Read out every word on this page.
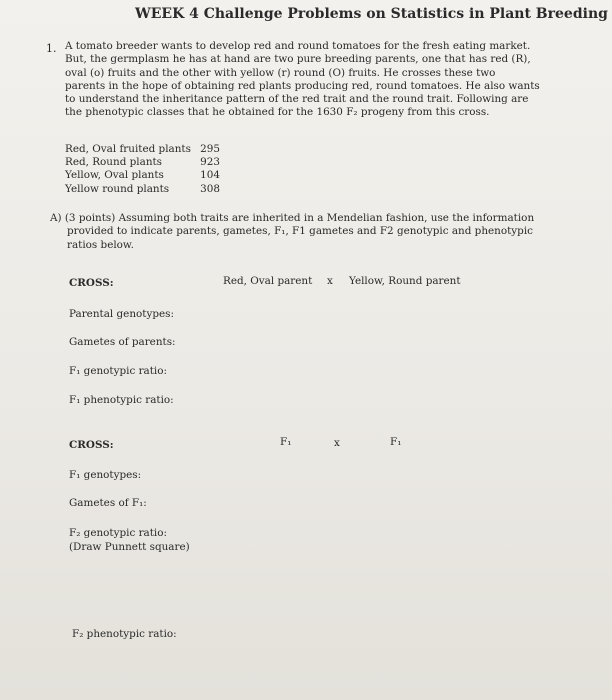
WEEK 4 Challenge Problems on Statistics in Plant Breeding
1. A tomato breeder wants to develop red and round tomatoes for the fresh eating market.
But, the germplasm he has at hand are two pure breeding parents, one that has red (R),
oval (o) fruits and the other with yellow (r) round (O) fruits. He crosses these two
parents in the hope of obtaining red plants producing red, round tomatoes. He also wants
to understand the inheritance pattern of the red trait and the round trait. Following are
the phenotypic classes that he obtained for the 1630 F₂ progeny from this cross.
Red, Oval fruited plants 295
Red, Round plants	923
Yellow, Oval plants	104
Yellow round plants	308
A) (3 points) Assuming both traits are inherited in a Mendelian fashion, use the information
provided to indicate parents, gametes, F₁, F1 gametes and F2 genotypic and phenotypic
ratios below.
CROSS:	Red, Oval parent x Yellow, Round parent
Parental genotypes:
Gametes of parents:
F₁ genotypic ratio:
F₁ phenotypic ratio:
CROSS:	F₁	x	F₁
F₁ genotypes:
Gametes of F₁:
F₂ genotypic ratio:
(Draw Punnett square)
F₂ phenotypic ratio:
